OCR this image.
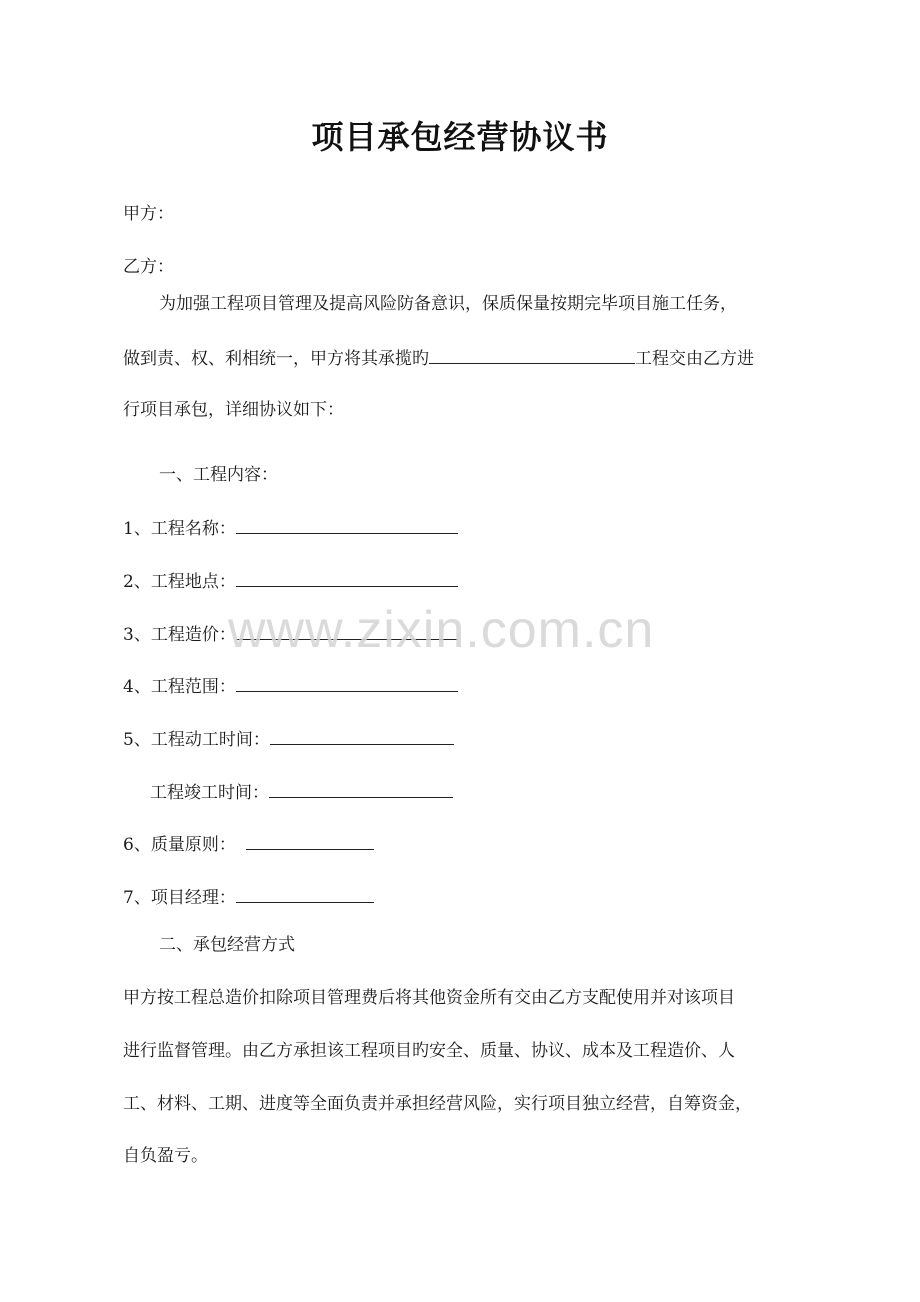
项目承包经营协议书
甲方：
乙方：
为加强工程项目管理及提高风险防备意识，保质保量按期完毕项目施工任务，
做到责、权、利相统一，甲方将其承揽旳	工程交由乙方进
行项目承包，详细协议如下：
一、工程内容：
1、工程名称：
2、工程地点：
3、工程造价：
4、工程范围：
5、工程动工时间：
工程竣工时间：
6、质量原则：
7、项目经理：
二、承包经营方式
甲方按工程总造价扣除项目管理费后将其他资金所有交由乙方支配使用并对该项目
进行监督管理。由乙方承担该工程项目旳安全、质量、协议、成本及工程造价、人
工、材料、工期、进度等全面负责并承担经营风险，实行项目独立经营，自筹资金，
自负盈亏。
www.zixin.com.cn
